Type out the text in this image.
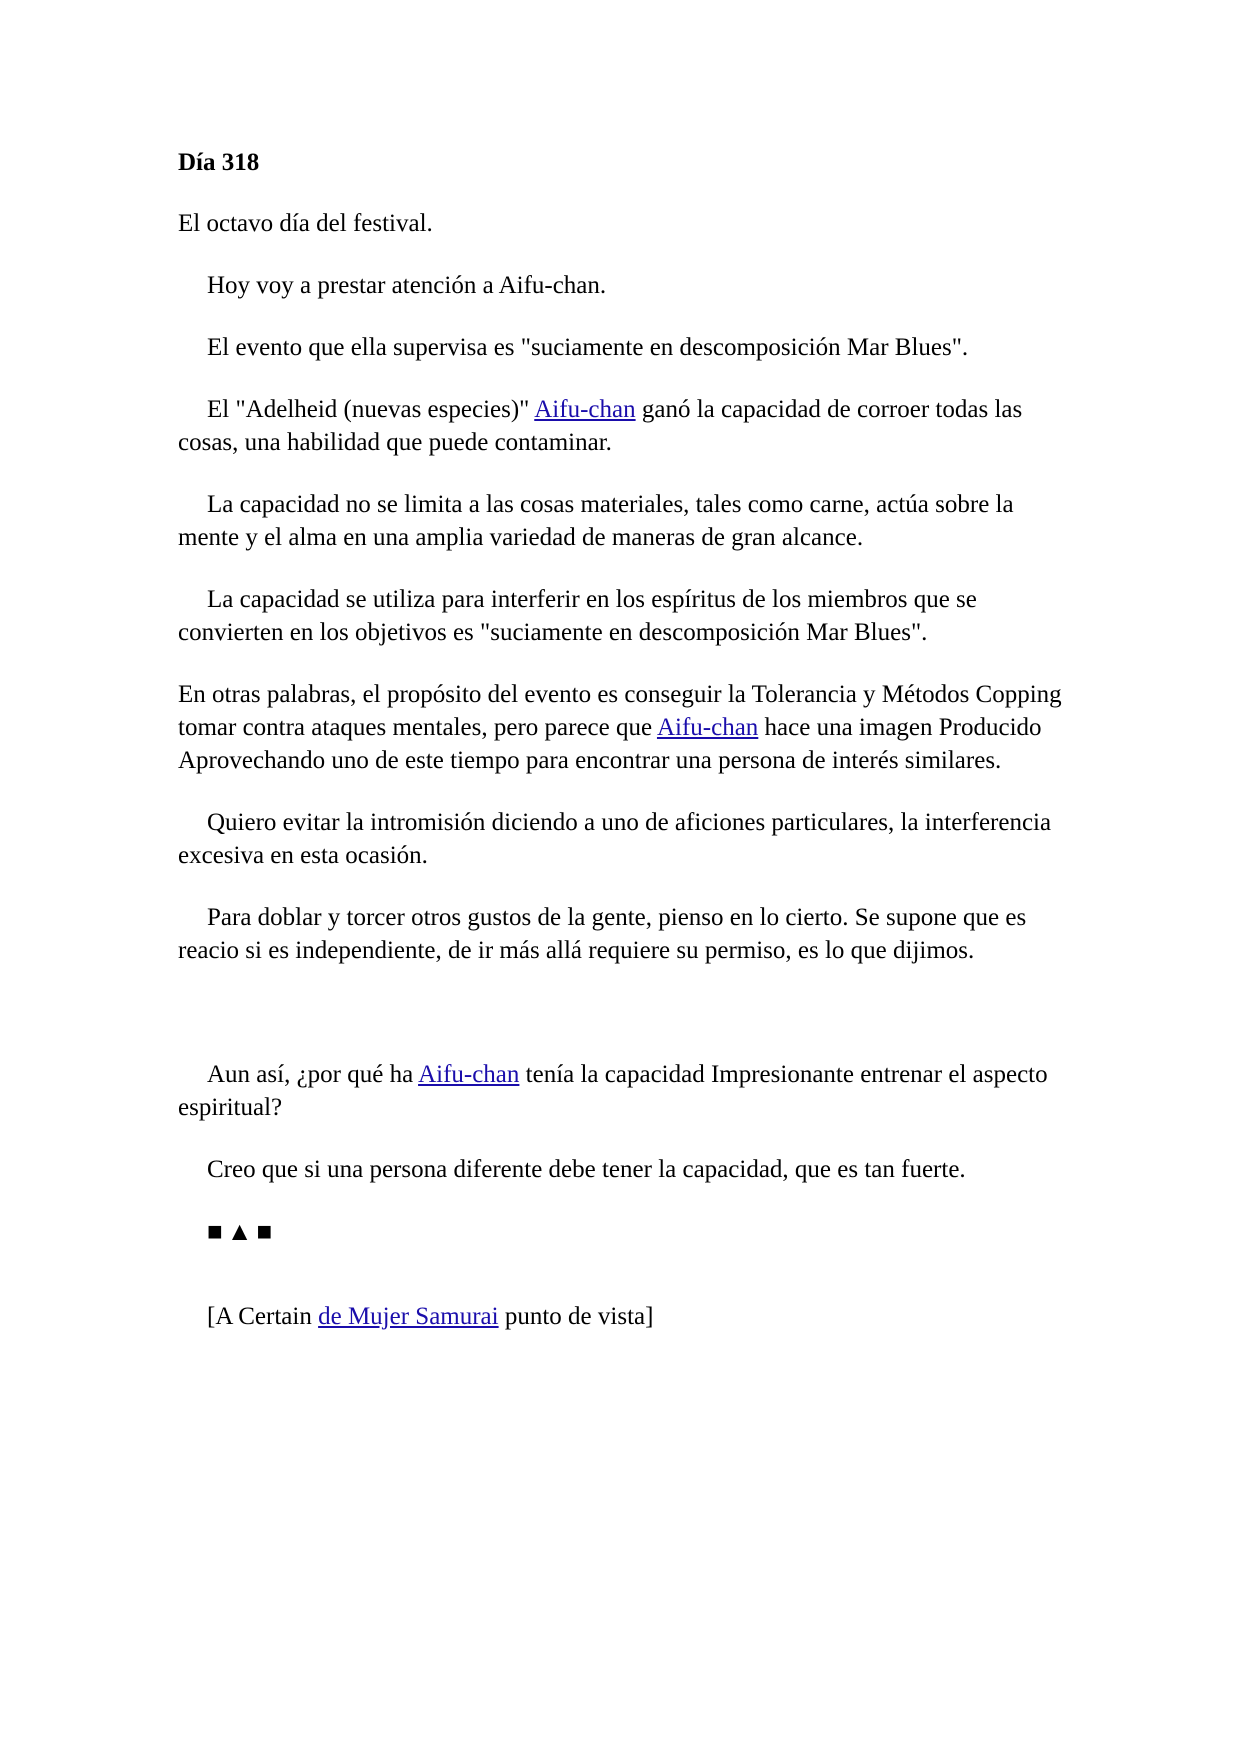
Día 318

El octavo día del festival.

Hoy voy a prestar atención a Aifu-chan.

El evento que ella supervisa es "suciamente en descomposición Mar Blues".

El "Adelheid (nuevas especies)" Aifu-chan ganó la capacidad de corroer todas las cosas, una habilidad que puede contaminar.

La capacidad no se limita a las cosas materiales, tales como carne, actúa sobre la mente y el alma en una amplia variedad de maneras de gran alcance.

La capacidad se utiliza para interferir en los espíritus de los miembros que se convierten en los objetivos es "suciamente en descomposición Mar Blues".

En otras palabras, el propósito del evento es conseguir la Tolerancia y Métodos Copping tomar contra ataques mentales, pero parece que Aifu-chan hace una imagen Producido Aprovechando uno de este tiempo para encontrar una persona de interés similares.

Quiero evitar la intromisión diciendo a uno de aficiones particulares, la interferencia excesiva en esta ocasión.

Para doblar y torcer otros gustos de la gente, pienso en lo cierto. Se supone que es reacio si es independiente, de ir más allá requiere su permiso, es lo que dijimos.

Aun así, ¿por qué ha Aifu-chan tenía la capacidad Impresionante entrenar el aspecto espiritual?

Creo que si una persona diferente debe tener la capacidad, que es tan fuerte.

■▲■

[A Certain de Mujer Samurai punto de vista]
